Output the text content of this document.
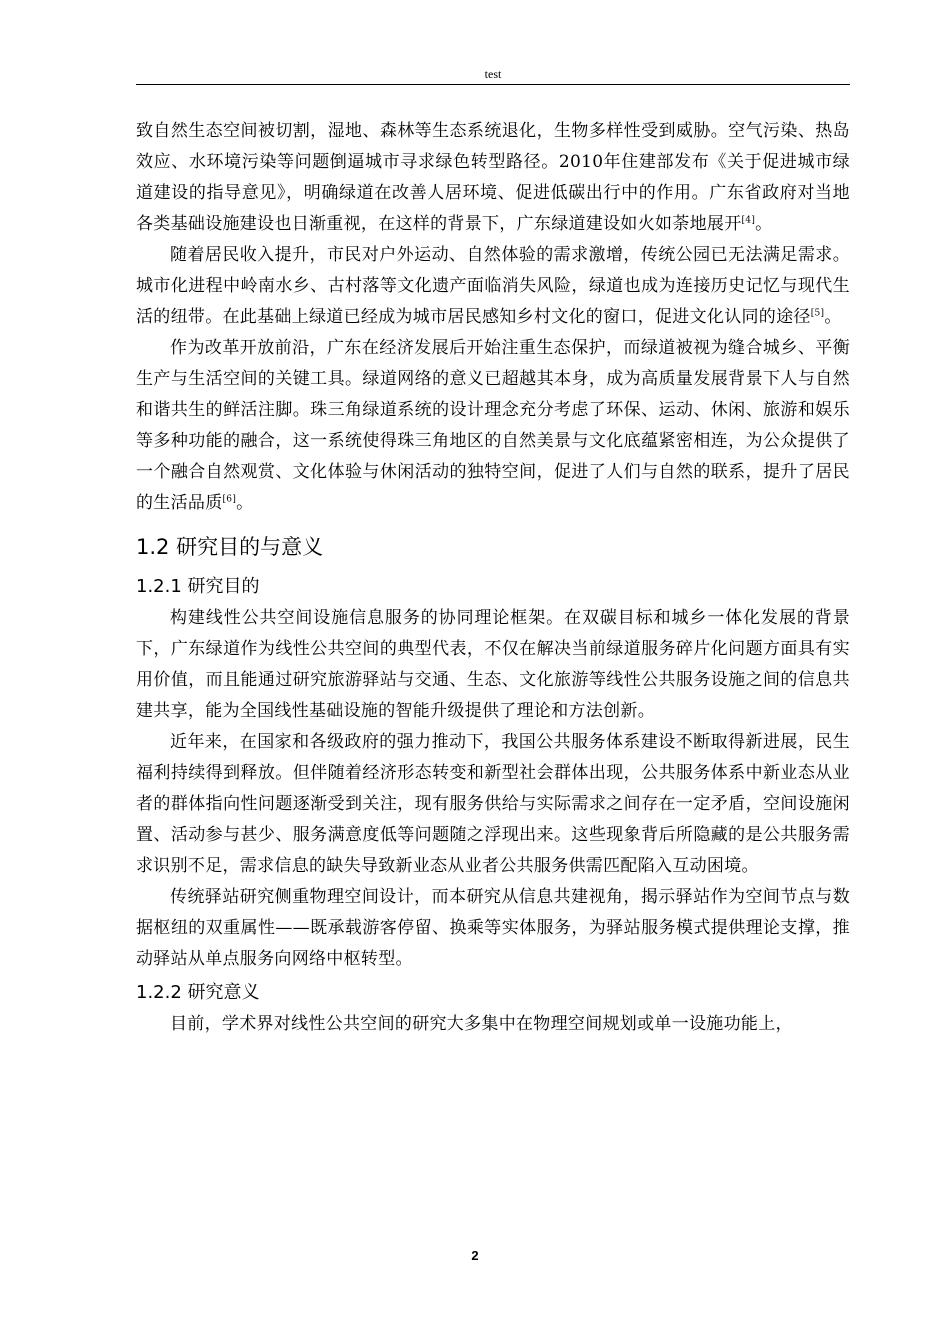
test

致自然生态空间被切割，湿地、森林等生态系统退化，生物多样性受到威胁。空气污染、热岛效应、水环境污染等问题倒逼城市寻求绿色转型路径。2010年住建部发布《关于促进城市绿道建设的指导意见》，明确绿道在改善人居环境、促进低碳出行中的作用。广东省政府对当地各类基础设施建设也日渐重视，在这样的背景下，广东绿道建设如火如荼地展开[4]。

随着居民收入提升，市民对户外运动、自然体验的需求激增，传统公园已无法满足需求。城市化进程中岭南水乡、古村落等文化遗产面临消失风险，绿道也成为连接历史记忆与现代生活的纽带。在此基础上绿道已经成为城市居民感知乡村文化的窗口，促进文化认同的途径[5]。

作为改革开放前沿，广东在经济发展后开始注重生态保护，而绿道被视为缝合城乡、平衡生产与生活空间的关键工具。绿道网络的意义已超越其本身，成为高质量发展背景下人与自然和谐共生的鲜活注脚。珠三角绿道系统的设计理念充分考虑了环保、运动、休闲、旅游和娱乐等多种功能的融合，这一系统使得珠三角地区的自然美景与文化底蕴紧密相连，为公众提供了一个融合自然观赏、文化体验与休闲活动的独特空间，促进了人们与自然的联系，提升了居民的生活品质[6]。

1.2 研究目的与意义
1.2.1 研究目的

构建线性公共空间设施信息服务的协同理论框架。在双碳目标和城乡一体化发展的背景下，广东绿道作为线性公共空间的典型代表，不仅在解决当前绿道服务碎片化问题方面具有实用价值，而且能通过研究旅游驿站与交通、生态、文化旅游等线性公共服务设施之间的信息共建共享，能为全国线性基础设施的智能升级提供了理论和方法创新。

近年来，在国家和各级政府的强力推动下，我国公共服务体系建设不断取得新进展，民生福利持续得到释放。但伴随着经济形态转变和新型社会群体出现，公共服务体系中新业态从业者的群体指向性问题逐渐受到关注，现有服务供给与实际需求之间存在一定矛盾，空间设施闲置、活动参与甚少、服务满意度低等问题随之浮现出来。这些现象背后所隐藏的是公共服务需求识别不足，需求信息的缺失导致新业态从业者公共服务供需匹配陷入互动困境。

传统驿站研究侧重物理空间设计，而本研究从信息共建视角，揭示驿站作为空间节点与数据枢纽的双重属性——既承载游客停留、换乘等实体服务，为驿站服务模式提供理论支撑，推动驿站从单点服务向网络中枢转型。

1.2.2 研究意义

目前，学术界对线性公共空间的研究大多集中在物理空间规划或单一设施功能上，

2
